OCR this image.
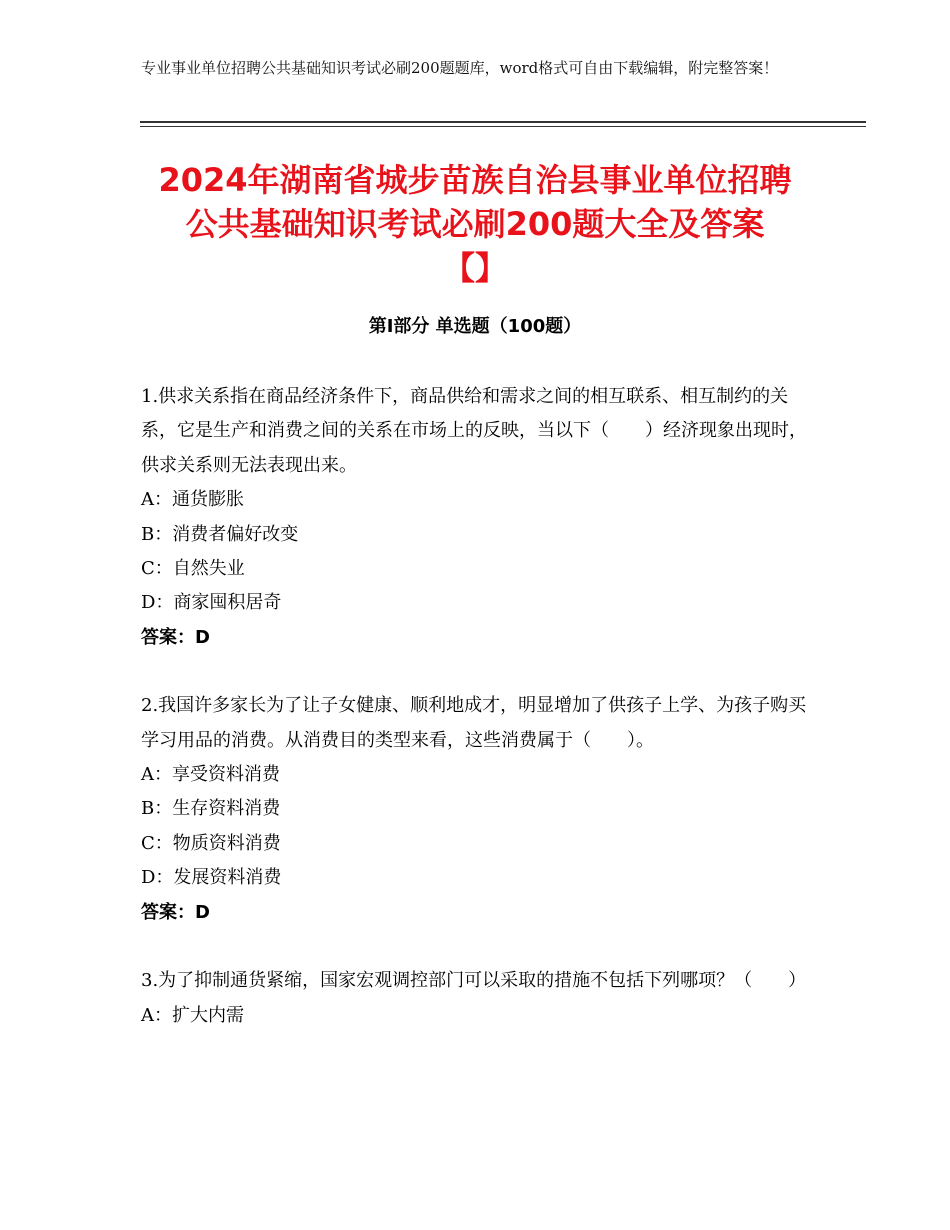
专业事业单位招聘公共基础知识考试必刷200题题库，word格式可自由下载编辑，附完整答案！
2024年湖南省城步苗族自治县事业单位招聘
公共基础知识考试必刷200题大全及答案
【】
第I部分 单选题（100题）

1.供求关系指在商品经济条件下，商品供给和需求之间的相互联系、相互制约的关系，它是生产和消费之间的关系在市场上的反映，当以下（　　）经济现象出现时，供求关系则无法表现出来。

A：通货膨胀

B：消费者偏好改变

C：自然失业

D：商家囤积居奇

答案：D

2.我国许多家长为了让子女健康、顺利地成才，明显增加了供孩子上学、为孩子购买学习用品的消费。从消费目的类型来看，这些消费属于（　　）。

A：享受资料消费

B：生存资料消费

C：物质资料消费

D：发展资料消费

答案：D

3.为了抑制通货紧缩，国家宏观调控部门可以采取的措施不包括下列哪项？（　　）

A：扩大内需
